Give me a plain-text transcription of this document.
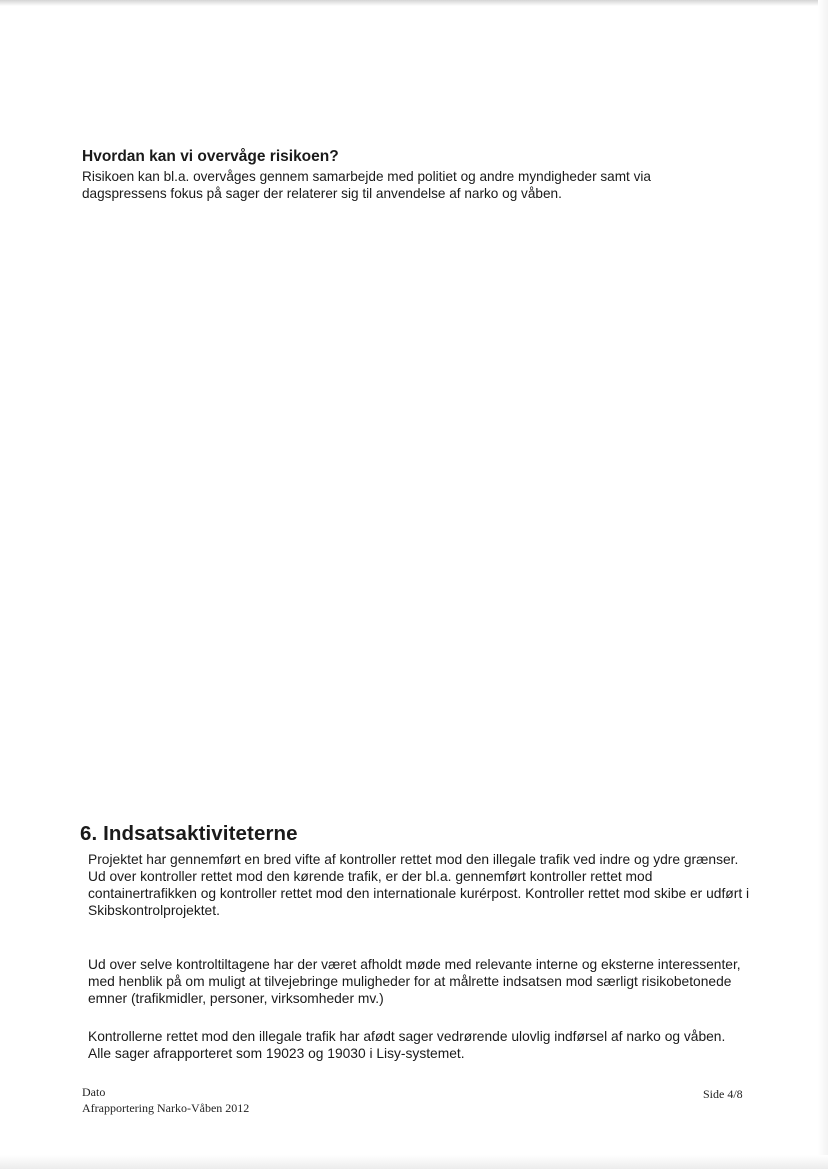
Hvordan kan vi overvåge risikoen?

Risikoen kan bl.a. overvåges gennem samarbejde med politiet og andre myndigheder samt via dagspressens fokus på sager der relaterer sig til anvendelse af narko og våben.

6. Indsatsaktiviteterne

Projektet har gennemført en bred vifte af kontroller rettet mod den illegale trafik ved indre og ydre grænser. Ud over kontroller rettet mod den kørende trafik, er der bl.a. gennemført kontroller rettet mod containertrafikken og kontroller rettet mod den internationale kurérpost. Kontroller rettet mod skibe er udført i Skibskontrolprojektet.

Ud over selve kontroltiltagene har der været afholdt møde med relevante interne og eksterne interessenter, med henblik på om muligt at tilvejebringe muligheder for at målrette indsatsen mod særligt risikobetonede emner (trafikmidler, personer, virksomheder mv.)

Kontrollerne rettet mod den illegale trafik har afødt sager vedrørende ulovlig indførsel af narko og våben. Alle sager afrapporteret som 19023 og 19030 i Lisy-systemet.

Dato
Afrapportering Narko-Våben 2012
Side 4/8
